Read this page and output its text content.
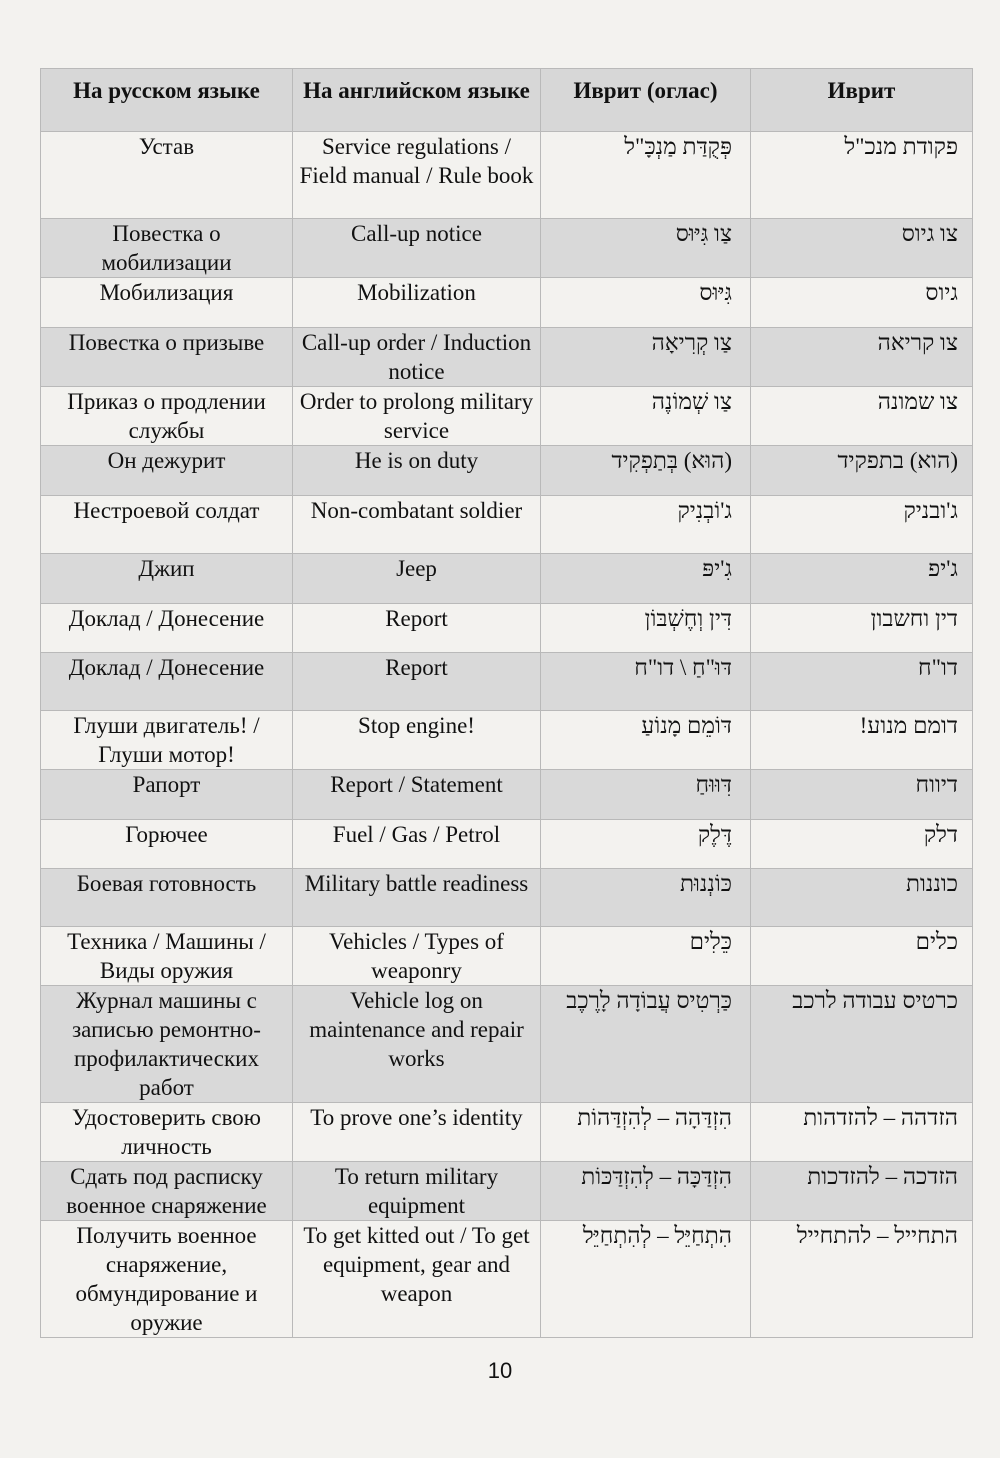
На русском языке	На английском языке	Иврит (оглас)	Иврит
Устав	Service regulations / Field manual / Rule book	פְּקֻדַּת מַנְכָּ"ל	פקודת מנכ"ל
Повестка о мобилизации	Call-up notice	צַו גִּיּוּס	צו גיוס
Мобилизация	Mobilization	גִּיּוּס	גיוס
Повестка о призыве	Call-up order / Induction notice	צַו קְרִיאָה	צו קריאה
Приказ о продлении службы	Order to prolong military service	צַו שְׁמוֹנֶה	צו שמונה
Он дежурит	He is on duty	(הוּא) בְּתַפְקִיד	(הוא) בתפקיד
Нестроевой солдат	Non-combatant soldier	ג'וֹבְנִיק	ג'ובניק
Джип	Jeep	גִ'יפּ	ג'יפ
Доклад / Донесение	Report	דִּין וְחֶשְׁבּוֹן	דין וחשבון
Доклад / Донесение	Report	דּוּ"חַ \ דו"ח	דו"ח
Глуши двигатель! / Глуши мотор!	Stop engine!	דּוֹמֵם מָנוֹעַ	דומם מנוע!
Рапорт	Report / Statement	דִּוּוּחַ	דיווח
Горючее	Fuel / Gas / Petrol	דֶּלֶק	דלק
Боевая готовность	Military battle readiness	כּוֹנְנוּת	כוננות
Техника / Машины / Виды оружия	Vehicles / Types of weaponry	כֵּלִים	כלים
Журнал машины с записью ремонтно-профилактических работ	Vehicle log on maintenance and repair works	כַּרְטִיס עֲבוֹדָה לָרֶכֶב	כרטיס עבודה לרכב
Удостоверить свою личность	To prove one’s identity	הִזְדַּהָה – לְהִזְדַּהוֹת	הזדהה – להזדהות
Сдать под расписку военное снаряжение	To return military equipment	הִזְדַּכָּה – לְהִזְדַּכּוֹת	הזדכה – להזדכות
Получить военное снаряжение, обмундирование и оружие	To get kitted out / To get equipment, gear and weapon	הִתְחַיֵּל – לְהִתְחַיֵּל	התחייל – להתחייל
10
